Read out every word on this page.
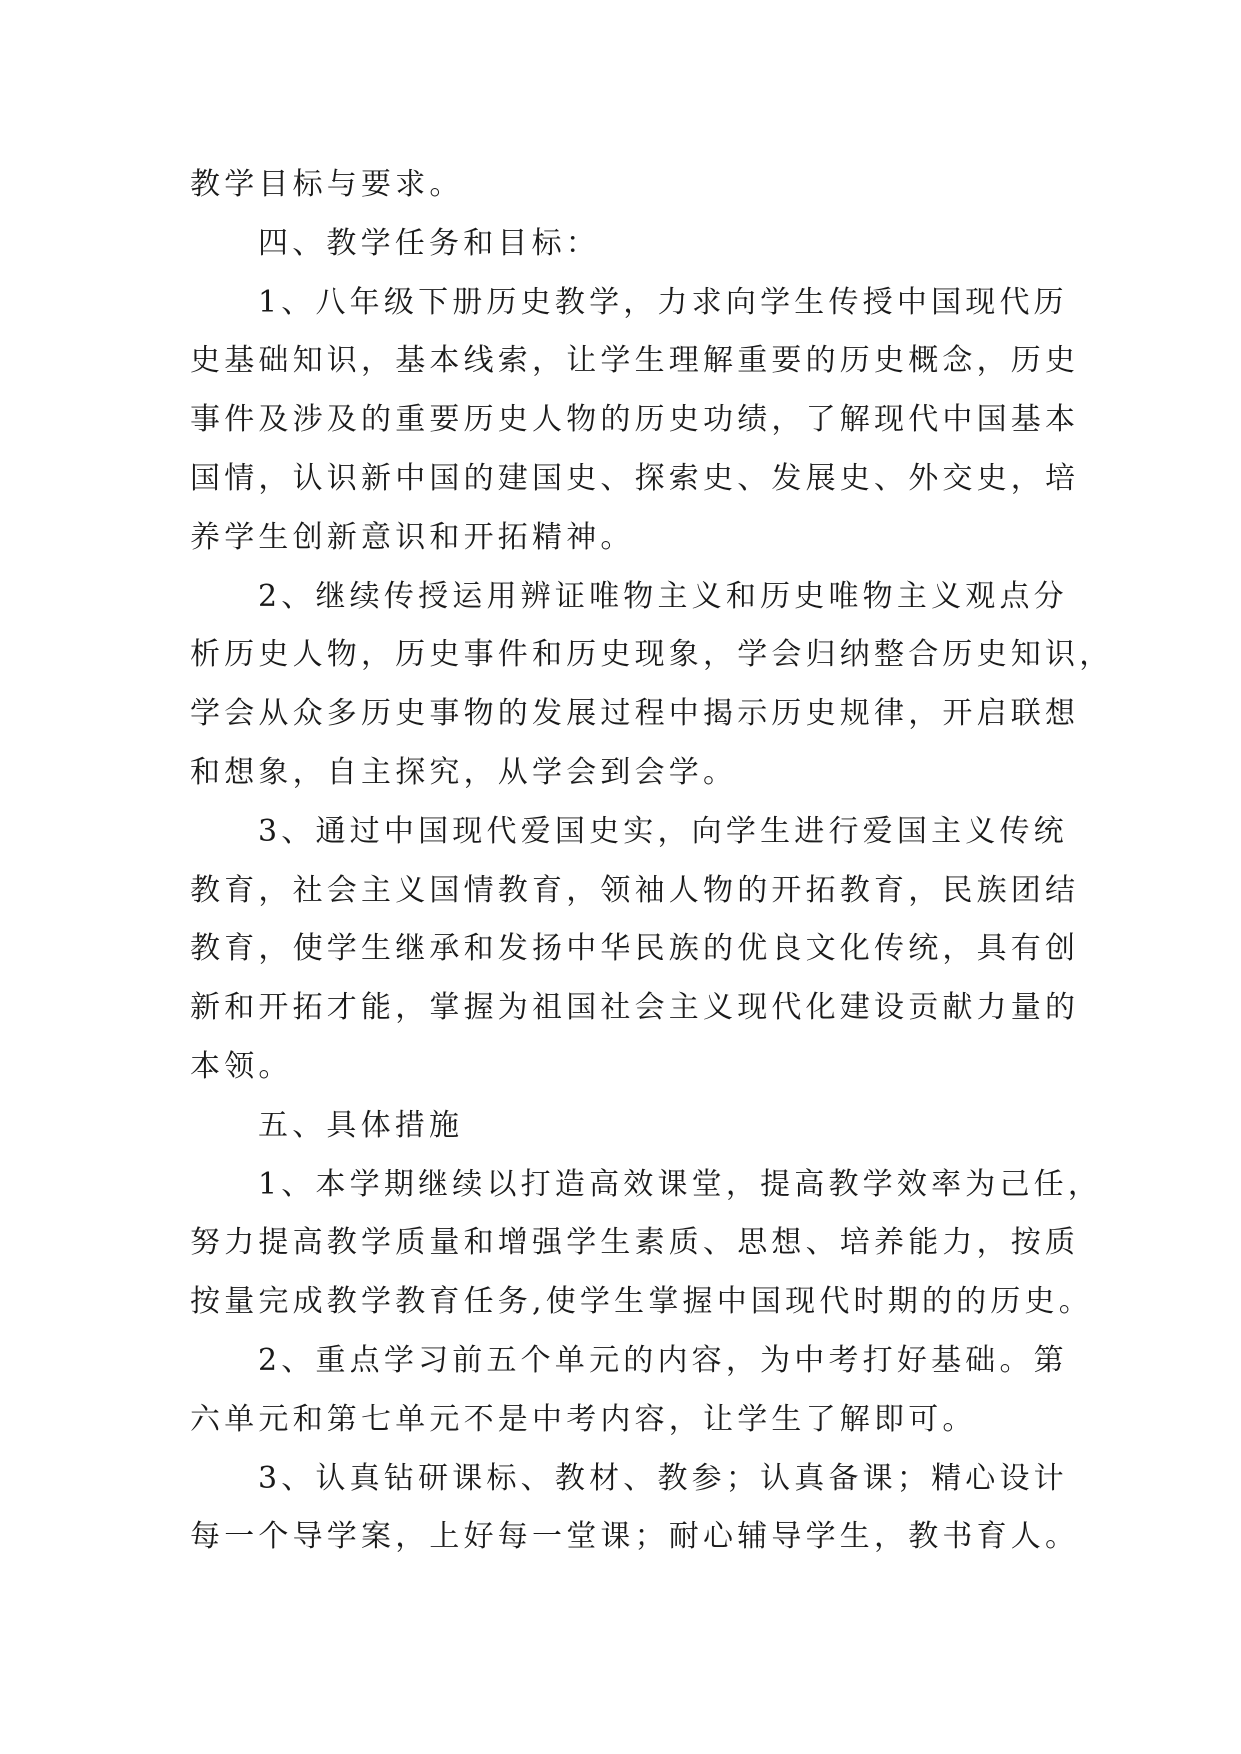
教学目标与要求。
四、教学任务和目标：
1、八年级下册历史教学，力求向学生传授中国现代历
史基础知识，基本线索，让学生理解重要的历史概念，历史
事件及涉及的重要历史人物的历史功绩，了解现代中国基本
国情，认识新中国的建国史、探索史、发展史、外交史，培
养学生创新意识和开拓精神。
2、继续传授运用辨证唯物主义和历史唯物主义观点分
析历史人物，历史事件和历史现象，学会归纳整合历史知识，
学会从众多历史事物的发展过程中揭示历史规律，开启联想
和想象，自主探究，从学会到会学。
3、通过中国现代爱国史实，向学生进行爱国主义传统
教育，社会主义国情教育，领袖人物的开拓教育，民族团结
教育，使学生继承和发扬中华民族的优良文化传统，具有创
新和开拓才能，掌握为祖国社会主义现代化建设贡献力量的
本领。
五、具体措施
1、本学期继续以打造高效课堂，提高教学效率为己任，
努力提高教学质量和增强学生素质、思想、培养能力，按质
按量完成教学教育任务,使学生掌握中国现代时期的的历史。
2、重点学习前五个单元的内容，为中考打好基础。第
六单元和第七单元不是中考内容，让学生了解即可。
3、认真钻研课标、教材、教参；认真备课；精心设计
每一个导学案，上好每一堂课；耐心辅导学生，教书育人。
